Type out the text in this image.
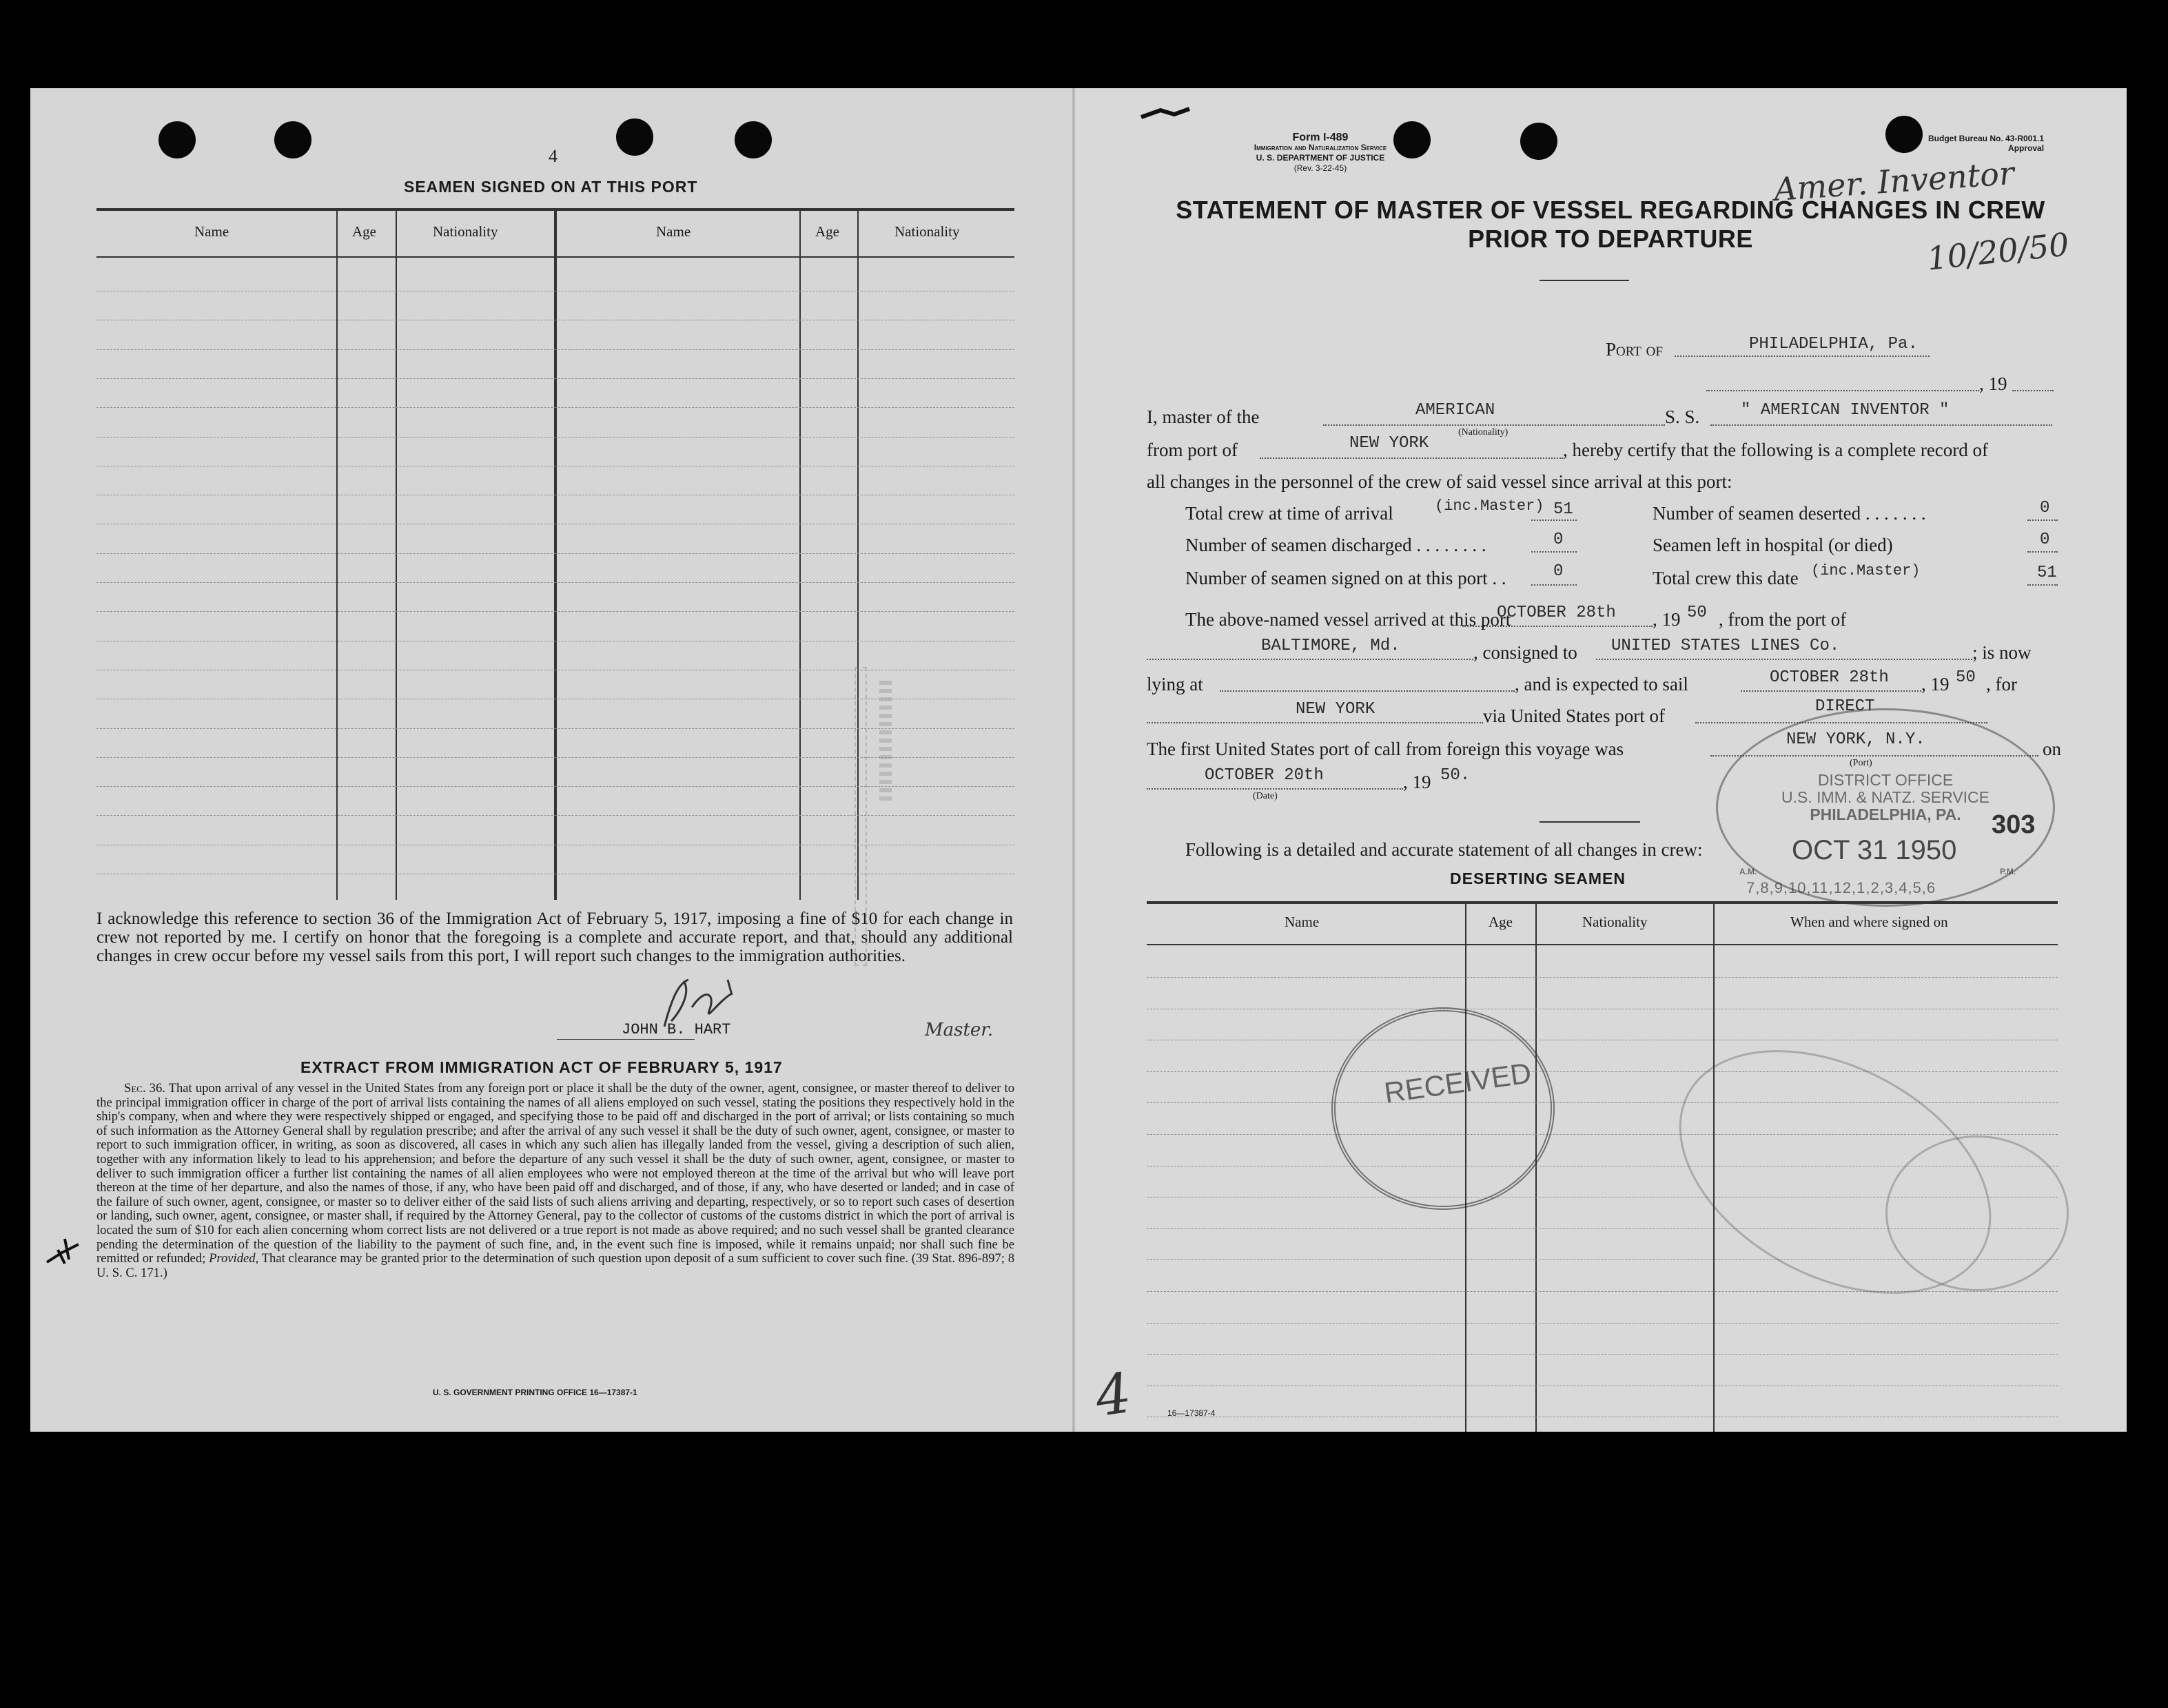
4
SEAMEN SIGNED ON AT THIS PORT
Name	Age	Nationality	Name	Age	Nationality
I acknowledge this reference to section 36 of the Immigration Act of February 5, 1917, imposing a fine of $10 for each change in crew not reported by me. I certify on honor that the foregoing is a complete and accurate report, and that, should any additional changes in crew occur before my vessel sails from this port, I will report such changes to the immigration authorities.
JOHN B. HART	Master.
EXTRACT FROM IMMIGRATION ACT OF FEBRUARY 5, 1917
Sec. 36. That upon arrival of any vessel in the United States from any foreign port or place it shall be the duty of the owner, agent, consignee, or master thereof to deliver to the principal immigration officer in charge of the port of arrival lists containing the names of all aliens employed on such vessel, stating the positions they respectively hold in the ship's company, when and where they were respectively shipped or engaged, and specifying those to be paid off and discharged in the port of arrival; or lists containing so much of such information as the Attorney General shall by regulation prescribe; and after the arrival of any such vessel it shall be the duty of such owner, agent, consignee, or master to report to such immigration officer, in writing, as soon as discovered, all cases in which any such alien has illegally landed from the vessel, giving a description of such alien, together with any information likely to lead to his apprehension; and before the departure of any such vessel it shall be the duty of such owner, agent, consignee, or master to deliver to such immigration officer a further list containing the names of all alien employees who were not employed thereon at the time of the arrival but who will leave port thereon at the time of her departure, and also the names of those, if any, who have been paid off and discharged, and of those, if any, who have deserted or landed; and in case of the failure of such owner, agent, consignee, or master so to deliver either of the said lists of such aliens arriving and departing, respectively, or so to report such cases of desertion or landing, such owner, agent, consignee, or master shall, if required by the Attorney General, pay to the collector of customs of the customs district in which the port of arrival is located the sum of $10 for each alien concerning whom correct lists are not delivered or a true report is not made as above required; and no such vessel shall be granted clearance pending the determination of the question of the liability to the payment of such fine, and, in the event such fine is imposed, while it remains unpaid; nor shall such fine be remitted or refunded; Provided, That clearance may be granted prior to the determination of such question upon deposit of a sum sufficient to cover such fine. (39 Stat. 896-897; 8 U. S. C. 171.)
U. S. GOVERNMENT PRINTING OFFICE 16—17387-1
Form I-489
Immigration and Naturalization Service
U. S. DEPARTMENT OF JUSTICE
(Rev. 3-22-45)
Budget Bureau No. 43-R001.1
Approval
STATEMENT OF MASTER OF VESSEL REGARDING CHANGES IN CREW
PRIOR TO DEPARTURE
Amer. Inventor
10/20/50
Port of	PHILADELPHIA, Pa.
, 19
I, master of the	AMERICAN	S. S. " AMERICAN INVENTOR "
(Nationality)
from port of	NEW YORK	, hereby certify that the following is a complete record of
all changes in the personnel of the crew of said vessel since arrival at this port:
Total crew at time of arrival	(inc.Master) 51	Number of seamen deserted . . . . . . .	0
Number of seamen discharged . . . . . . . .	0	Seamen left in hospital (or died)	0
Number of seamen signed on at this port . .	0	Total crew this date (inc.Master)	51
The above-named vessel arrived at this port
OCTOBER 28th , 19 50 , from the port of
BALTIMORE, Md.	, consigned to UNITED STATES LINES Co.	; is now
lying at	, and is expected to sail	OCTOBER 28th , 19 50 , for
NEW YORK	via United States port of	DIRECT
The first United States port of call from foreign this voyage was	NEW YORK, N.Y.	on
(Port)
OCTOBER 20th	, 19 50.
(Date)
Following is a detailed and accurate statement of all changes in crew:
DESERTING SEAMEN
DISTRICT OFFICE
U.S. IMM. & NATZ. SERVICE
PHILADELPHIA, PA.
OCT 31 1950
A.M.	P.M.
7,8,9,10,11,12,1,2,3,4,5,6
303
Name	Age	Nationality	When and where signed on
RECEIVED
4	16—17387-4
